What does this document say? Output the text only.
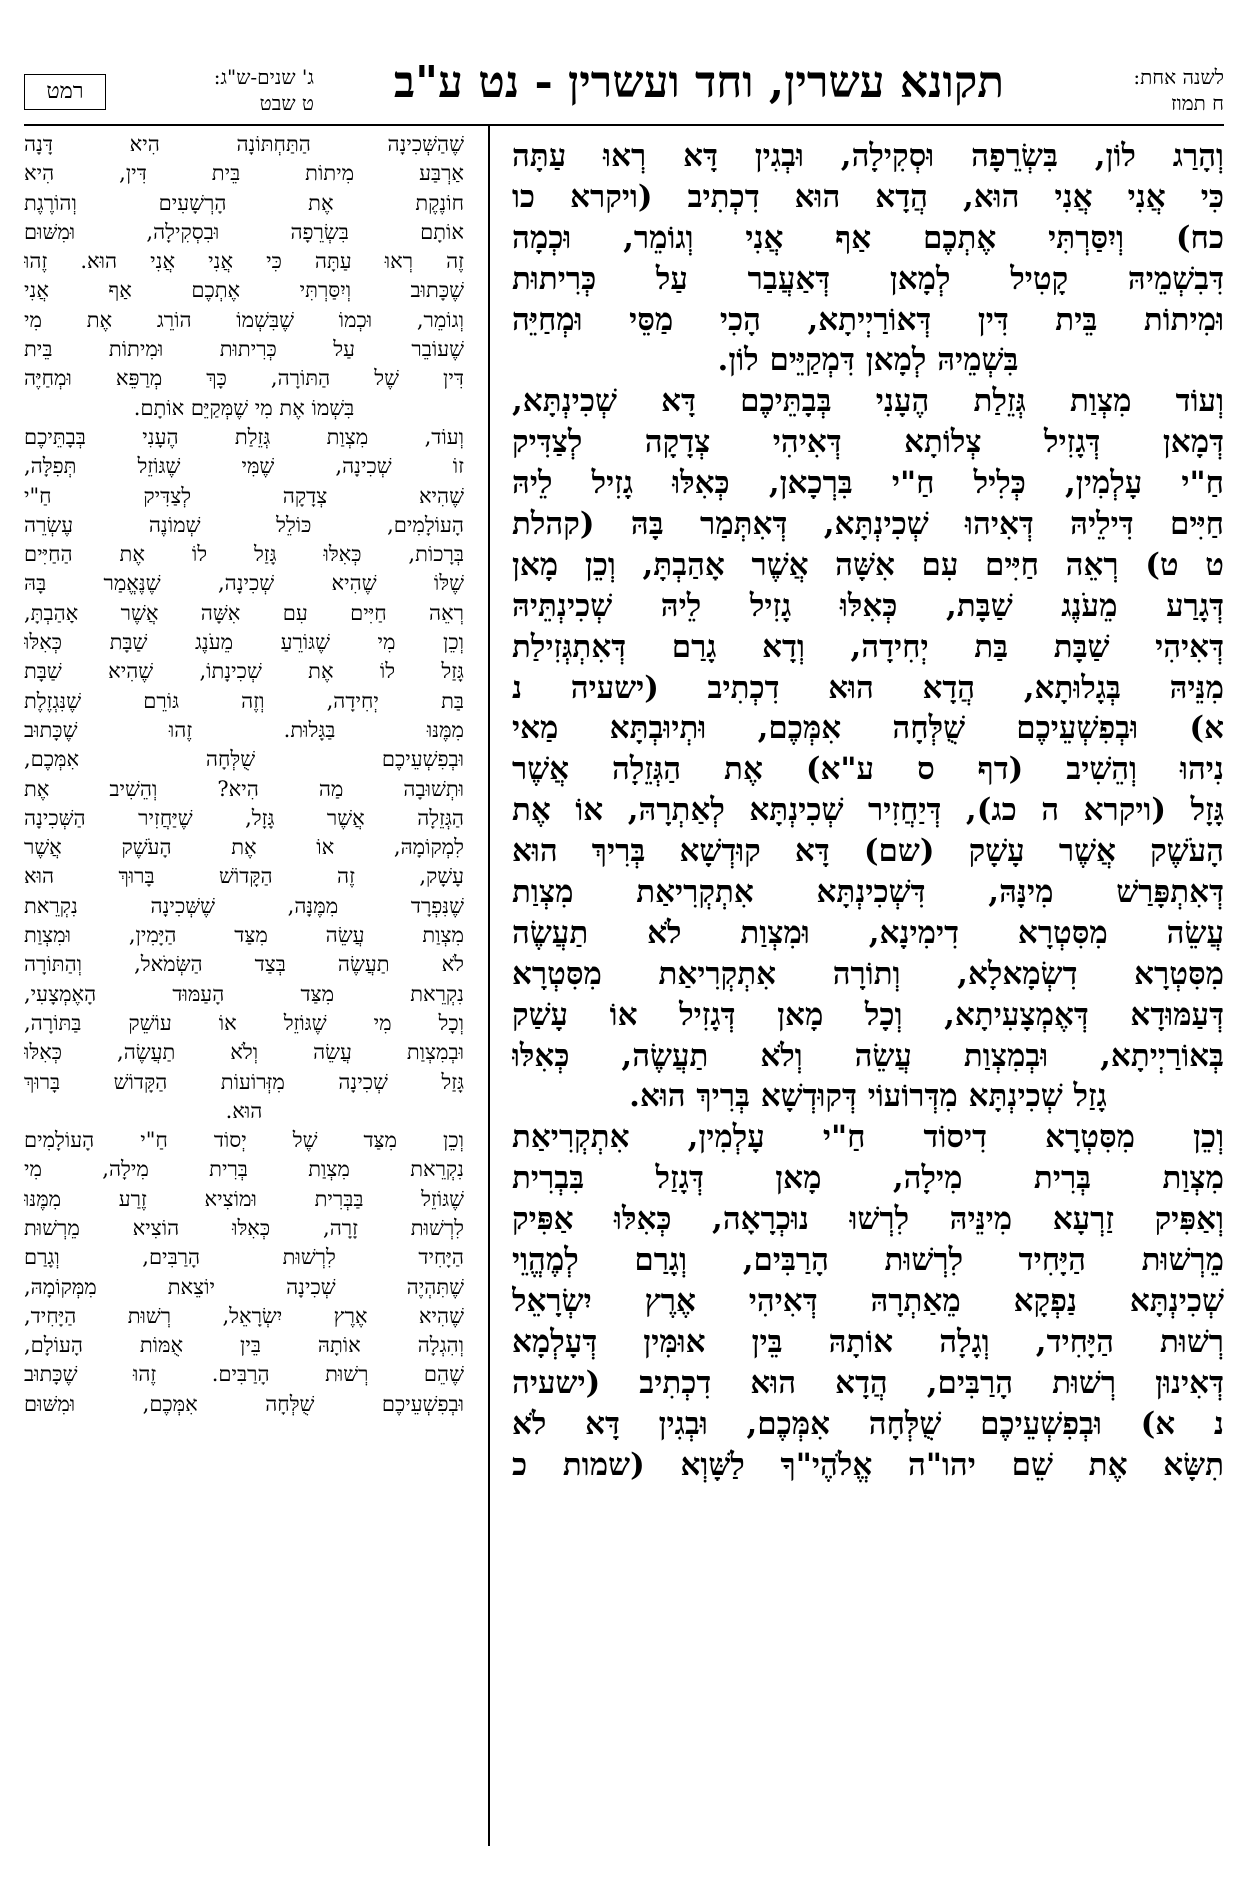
לשנה אחת:
ח תמוז
תקונא עשרין, וחד ועשרין - נט ע"ב
ג' שנים-ש"ג:
ט שבט
רמט

וְהָרַג לוֹן, בִּשְׂרֵפָה וּסְקִילָה, וּבְגִין דָּא רְאוּ עַתָּה

כִּי אֲנִי אֲנִי הוּא, הֲדָא הוּא דִכְתִיב (ויקרא כו

כח) וְיִסַּרְתִּי אֶתְכֶם אַף אֲנִי וְגוֹמֵר, וּכְמָה

דִּבִשְׁמֵיהּ קָטִיל לְמָאן דְּאַעֲבַר עַל כְּרִיתוּת

וּמִיתוֹת בֵּית דִּין דְּאוֹרַיְיתָא, הָכִי מַסֵּי וּמְחַיֵּה

בִּשְׁמֵיהּ לְמָאן דִּמְקַיֵּים לוֹן.

וְעוֹד מִצְוַת גְּזֵלַת הֶעָנִי בְּבָתֵּיכֶם דָּא שְׁכִינְתָּא,

דְּמָאן דְּגָזִיל צְלוֹתָא דְּאִיהִי צְדָקָה לְצַדִּיק

חַ"י עָלְמִין, כְּלִיל חַ"י בִּרְכָאן, כְּאִלּוּ גָזִיל לֵיהּ

חַיִּים דִּילֵיהּ דְּאִיהוּ שְׁכִינְתָּא, דְּאִתְּמַר בָּהּ (קהלת

ט ט) רְאֵה חַיִּים עִם אִשָּׁה אֲשֶׁר אָהַבְתָּ, וְכֵן מָאן

דְּגָרַע מֵעֹנֶג שַׁבָּת, כְּאִלּוּ גָזִיל לֵיהּ שְׁכִינְתֵּיהּ

דְּאִיהִי שַׁבָּת בַּת יְחִידָה, וְדָא גָרַם דְּאִתְגְּזִילַת

מִנֵּיהּ בְּגָלוּתָא, הֲדָא הוּא דִכְתִיב (ישעיה נ

א) וּבְפִשְׁעֵיכֶם שֻׁלְּחָה אִמְּכֶם, וּתְיוּבְתָּא מַאי

נִיהוּ וְהֵשִׁיב (דף ס ע"א) אֶת הַגְּזֵלָה אֲשֶׁר

גָּזָל (ויקרא ה כג), דְּיַחֲזִיר שְׁכִינְתָּא לְאַתְרָהּ, אוֹ אֶת

הָעֹשֶׁק אֲשֶׁר עָשָׁק (שם) דָּא קוּדְשָׁא בְּרִיךְ הוּא

דְּאִתְפָּרַשׁ מִינָּהּ, דִּשְׁכִינְתָּא אִתְקְרִיאַת מִצְוַת

עֲשֵׂה מִסִּטְרָא דִימִינָא, וּמִצְוַת לֹא תַעֲשֶׂה

מִסִּטְרָא דִשְׂמָאלָא, וְתוֹרָה אִתְקְרִיאַת מִסִּטְרָא

דְּעַמּוּדָא דְּאֶמְצָעִיתָא, וְכָל מָאן דְּגָזִיל אוֹ עָשַׁק

בְּאוֹרַיְיתָא, וּבְמִצְוַת עֲשֵׂה וְלֹא תַעֲשֶׂה, כְּאִלּוּ

גָזַל שְׁכִינְתָּא מִדְּרוֹעוֹי דְּקוּדְשָׁא בְּרִיךְ הוּא.

וְכֵן מִסִּטְרָא דִיסוֹד חַ"י עָלְמִין, אִתְקְרִיאַת

מִצְוַת בְּרִית מִילָה, מָאן דְּגָזַל בִּבְרִית

וְאַפִּיק זַרְעָא מִינֵּיהּ לִרְשׁוּ נוּכְרָאָה, כְּאִלּוּ אַפִּיק

מֵרְשׁוּת הַיָּחִיד לִרְשׁוּת הָרַבִּים, וְגָרַם לְמֶהֱוֵי

שְׁכִינְתָּא נַפְקָא מֵאַתְרָהּ דְּאִיהִי אֶרֶץ יִשְׂרָאֵל

רְשׁוּת הַיָּחִיד, וְגָלָה אוֹתָהּ בֵּין אוּמִּין דְּעָלְמָא

דְּאִינוּן רְשׁוּת הָרַבִּים, הֲדָא הוּא דִכְתִיב (ישעיה

נ א) וּבְפִשְׁעֵיכֶם שֻׁלְּחָה אִמְּכֶם, וּבְגִין דָּא לֹא

תִשָּׂא אֶת שֵׁם יהו"ה אֱלֹהֶי"ךָ לַשָּׁוְא (שמות כ

שֶׁהַשְּׁכִינָה הַתַּחְתּוֹנָה הִיא דָּנָה

אַרְבַּע מִיתוֹת בֵּית דִּין, הִיא

חוֹנֶקֶת אֶת הָרְשָׁעִים וְהוֹרֶגֶת

אוֹתָם בִּשְׂרֵפָה וּבִסְקִילָה, וּמִשּׁוּם

זֶה רְאוּ עַתָּה כִּי אֲנִי אֲנִי הוּא. זֶהוּ

שֶׁכָּתוּב וְיִסַּרְתִּי אֶתְכֶם אַף אֲנִי

וְגוֹמֵר, וּכְמוֹ שֶׁבִּשְׁמוֹ הוֹרֵג אֶת מִי

שֶׁעוֹבֵר עַל כְּרִיתוּת וּמִיתוֹת בֵּית

דִּין שֶׁל הַתּוֹרָה, כָּךְ מְרַפֵּא וּמְחַיֶּה

בִּשְׁמוֹ אֶת מִי שֶׁמְּקַיֵּם אוֹתָם.

וְעוֹד, מִצְוַת גְּזֵלַת הֶעָנִי בְּבָתֵּיכֶם

זוֹ שְׁכִינָה, שֶׁמִּי שֶׁגּוֹזֵל תְּפִלָּה,

שֶׁהִיא צְדָקָה לְצַדִּיק חַ"י

הָעוֹלָמִים, כּוֹלֵל שְׁמוֹנֶה עֶשְׂרֵה

בְּרָכוֹת, כְּאִלּוּ גָּזַל לוֹ אֶת הַחַיִּים

שֶׁלּוֹ שֶׁהִיא שְׁכִינָה, שֶׁנֶּאֱמַר בָּהּ

רְאֵה חַיִּים עִם אִשָּׁה אֲשֶׁר אָהַבְתָּ,

וְכֵן מִי שֶׁגּוֹרֵעַ מֵעֹנֶג שַׁבָּת כְּאִלּוּ

גָּזַל לוֹ אֶת שְׁכִינָתוֹ, שֶׁהִיא שַׁבָּת

בַּת יְחִידָה, וְזֶה גּוֹרֵם שֶׁנִּגְזֶלֶת

מִמֶּנּוּ בַּגָּלוּת. זֶהוּ שֶׁכָּתוּב

וּבְפִשְׁעֵיכֶם שֻׁלְּחָה אִמְּכֶם,

וּתְשׁוּבָה מַה הִיא? וְהֵשִׁיב אֶת

הַגְּזֵלָה אֲשֶׁר גָּזָל, שֶׁיַּחֲזִיר הַשְּׁכִינָה

לִמְקוֹמָהּ, אוֹ אֶת הָעֹשֶׁק אֲשֶׁר

עָשָׁק, זֶה הַקָּדוֹשׁ בָּרוּךְ הוּא

שֶׁנִּפְרָד מִמֶּנָּה, שֶׁשְּׁכִינָה נִקְרֵאת

מִצְוַת עֲשֵׂה מִצַּד הַיָּמִין, וּמִצְוַת

לֹא תַעֲשֶׂה בְּצַד הַשְּׂמֹאל, וְהַתּוֹרָה

נִקְרֵאת מִצַּד הָעַמּוּד הָאֶמְצָעִי,

וְכָל מִי שֶׁגּוֹזֵל אוֹ עוֹשֵׁק בַּתּוֹרָה,

וּבְמִצְוַת עֲשֵׂה וְלֹא תַעֲשֶׂה, כְּאִלּוּ

גָּזַל שְׁכִינָה מִזְּרוֹעוֹת הַקָּדוֹשׁ בָּרוּךְ

הוּא.

וְכֵן מִצַּד שֶׁל יְסוֹד חַ"י הָעוֹלָמִים

נִקְרֵאת מִצְוַת בְּרִית מִילָה, מִי

שֶׁגּוֹזֵל בַּבְּרִית וּמוֹצִיא זֶרַע מִמֶּנּוּ

לִרְשׁוּת זָרָה, כְּאִלּוּ הוֹצִיא מֵרְשׁוּת

הַיָּחִיד לִרְשׁוּת הָרַבִּים, וְגָרַם

שֶׁתִּהְיֶה שְׁכִינָה יוֹצֵאת מִמְּקוֹמָהּ,

שֶׁהִיא אֶרֶץ יִשְׂרָאֵל, רְשׁוּת הַיָּחִיד,

וְהִגְלָה אוֹתָהּ בֵּין אֻמּוֹת הָעוֹלָם,

שֶׁהֵם רְשׁוּת הָרַבִּים. זֶהוּ שֶׁכָּתוּב

וּבְפִשְׁעֵיכֶם שֻׁלְּחָה אִמְּכֶם, וּמִשּׁוּם
